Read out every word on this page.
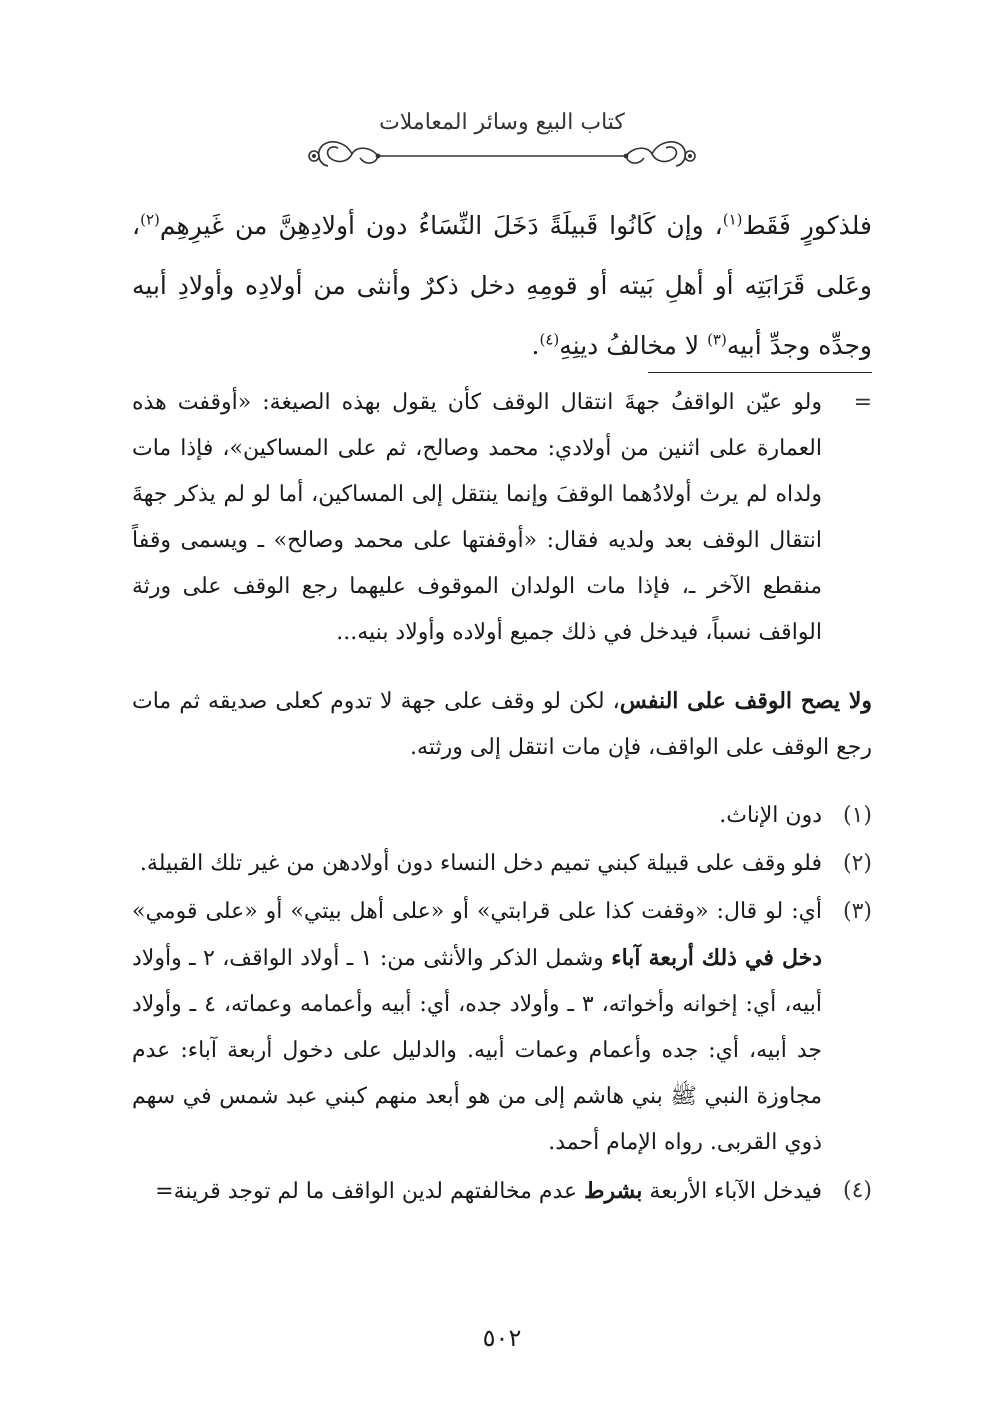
كتاب البيع وسائر المعاملات

فلذكورٍ فَقَط$^{(١)}$، وإن كَانُوا قَبيلَةً دَخَلَ النِّسَاءُ دون أولادِهِنَّ من غَيرِهِم$^{(٢)}$، وعَلى قَرَابَتِه أو أهلِ بَيته أو قومِهِ دخل ذكرٌ وأنثى من أولادِه وأولادِ أبيه وجدِّه وجدِّ أبيه$^{(٣)}$ لا مخالفُ دينِهِ$^{(٤)}$.

=

ولو عيّن الواقفُ جهةَ انتقال الوقف كأن يقول بهذه الصيغة: «أوقفت هذه العمارة على اثنين من أولادي: محمد وصالح، ثم على المساكين»، فإذا مات ولداه لم يرث أولادُهما الوقفَ وإنما ينتقل إلى المساكين، أما لو لم يذكر جهةَ انتقال الوقف بعد ولديه فقال: «أوقفتها على محمد وصالح» ـ ويسمى وقفاً منقطع الآخر ـ، فإذا مات الولدان الموقوف عليهما رجع الوقف على ورثة الواقف نسباً، فيدخل في ذلك جميع أولاده وأولاد بنيه...

ولا يصح الوقف على النفس، لكن لو وقف على جهة لا تدوم كعلى صديقه ثم مات رجع الوقف على الواقف، فإن مات انتقل إلى ورثته.

(١)

دون الإناث.

(٢)

فلو وقف على قبيلة كبني تميم دخل النساء دون أولادهن من غير تلك القبيلة.

(٣)

أي: لو قال: «وقفت كذا على قرابتي» أو «على أهل بيتي» أو «على قومي» دخل في ذلك أربعة آباء وشمل الذكر والأنثى من: ١ ـ أولاد الواقف، ٢ ـ وأولاد أبيه، أي: إخوانه وأخواته، ٣ ـ وأولاد جده، أي: أبيه وأعمامه وعماته، ٤ ـ وأولاد جد أبيه، أي: جده وأعمام وعمات أبيه. والدليل على دخول أربعة آباء: عدم مجاوزة النبي ﷺ بني هاشم إلى من هو أبعد منهم كبني عبد شمس في سهم ذوي القربى. رواه الإمام أحمد.

(٤)

فيدخل الآباء الأربعة بشرط عدم مخالفتهم لدين الواقف ما لم توجد قرينة=

٥٠٢
